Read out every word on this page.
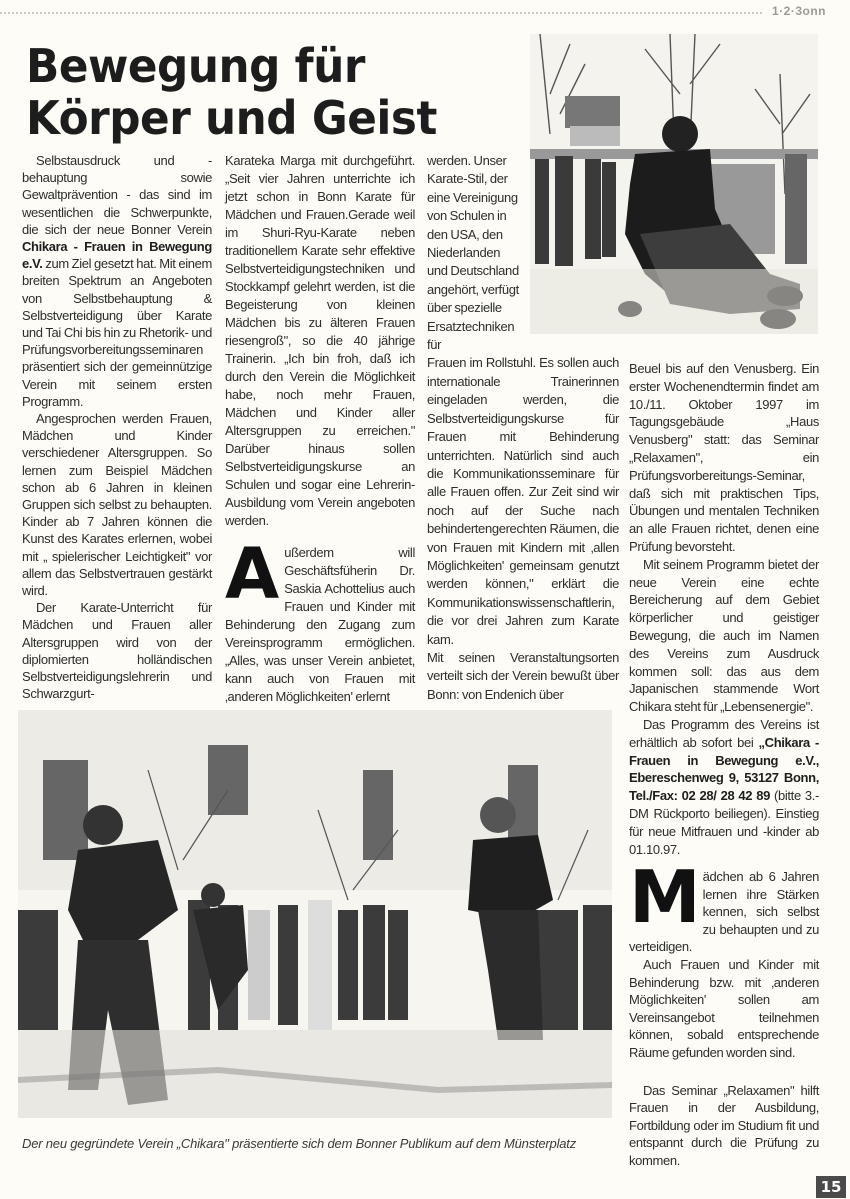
1·2·3onn
Bewegung für
Körper und Geist

Selbstausdruck und -behauptung sowie Gewaltprävention - das sind im wesentlichen die Schwerpunkte, die sich der neue Bonner Verein Chikara - Frauen in Bewegung e.V. zum Ziel gesetzt hat. Mit einem breiten Spektrum an Angeboten von Selbstbehauptung & Selbstverteidigung über Karate und Tai Chi bis hin zu Rhetorik- und Prüfungsvorbereitungsseminaren präsentiert sich der gemeinnützige Verein mit seinem ersten Programm.

Angesprochen werden Frauen, Mädchen und Kinder verschiedener Altersgruppen. So lernen zum Beispiel Mädchen schon ab 6 Jahren in kleinen Gruppen sich selbst zu behaupten. Kinder ab 7 Jahren können die Kunst des Karates erlernen, wobei mit „ spielerischer Leichtigkeit" vor allem das Selbstvertrauen gestärkt wird.

Der Karate-Unterricht für Mädchen und Frauen aller Altersgruppen wird von der diplomierten holländischen Selbstverteidigungslehrerin und Schwarzgurt-

Karateka Marga mit durchgeführt. „Seit vier Jahren unterrichte ich jetzt schon in Bonn Karate für Mädchen und Frauen.Gerade weil im Shuri-Ryu-Karate neben traditionellem Karate sehr effektive Selbstverteidigungstechniken und Stockkampf gelehrt werden, ist die Begeisterung von kleinen Mädchen bis zu älteren Frauen riesengroß", so die 40 jährige Trainerin. „Ich bin froh, daß ich durch den Verein die Möglichkeit habe, noch mehr Frauen, Mädchen und Kinder aller Altersgruppen zu erreichen." Darüber hinaus sollen Selbstverteidigungskurse an Schulen und sogar eine Lehrerin-Ausbildung vom Verein angeboten werden.

Außerdem will Geschäftsfüherin Dr. Saskia Achottelius auch Frauen und Kinder mit Behinderung den Zugang zum Vereinsprogramm ermöglichen. „Alles, was unser Verein anbietet, kann auch von Frauen mit ‚anderen Möglichkeiten' erlernt

werden. Unser Karate-Stil, der eine Vereinigung von Schulen in den USA, den Niederlanden und Deutschland angehört, verfügt über spezielle Ersatztechniken für

Frauen im Rollstuhl. Es sollen auch internationale Trainerinnen eingeladen werden, die Selbstverteidigungskurse für Frauen mit Behinderung unterrichten. Natürlich sind auch die Kommunikationsseminare für alle Frauen offen. Zur Zeit sind wir noch auf der Suche nach behindertengerechten Räumen, die von Frauen mit Kindern mit ‚allen Möglichkeiten' gemeinsam genutzt werden können," erklärt die Kommunikationswissenschaftlerin, die vor drei Jahren zum Karate kam.

Mit seinen Veranstaltungsorten verteilt sich der Verein bewußt über Bonn: von Endenich über

Beuel bis auf den Venusberg. Ein erster Wochenendtermin findet am 10./11. Oktober 1997 im Tagungsgebäude „Haus Venusberg" statt: das Seminar „Relaxamen", ein Prüfungsvorbereitungs-Seminar, daß sich mit praktischen Tips, Übungen und mentalen Techniken an alle Frauen richtet, denen eine Prüfung bevorsteht.

Mit seinem Programm bietet der neue Verein eine echte Bereicherung auf dem Gebiet körperlicher und geistiger Bewegung, die auch im Namen des Vereins zum Ausdruck kommen soll: das aus dem Japanischen stammende Wort Chikara steht für „Lebensenergie".

Das Programm des Vereins ist erhältlich ab sofort bei „Chikara - Frauen in Bewegung e.V., Ebereschenweg 9, 53127 Bonn, Tel./Fax: 02 28/ 28 42 89 (bitte 3.-DM Rückporto beiliegen). Einstieg für neue Mitfrauen und -kinder ab 01.10.97.

Mädchen ab 6 Jahren lernen ihre Stärken kennen, sich selbst zu behaupten und zu verteidigen.

Auch Frauen und Kinder mit Behinderung bzw. mit ‚anderen Möglichkeiten' sollen am Vereinsangebot teilnehmen können, sobald entsprechende Räume gefunden worden sind.

Das Seminar „Relaxamen" hilft Frauen in der Ausbildung, Fortbildung oder im Studium fit und entspannt durch die Prüfung zu kommen.

Der neu gegründete Verein „Chikara" präsentierte sich dem Bonner Publikum auf dem Münsterplatz
15
